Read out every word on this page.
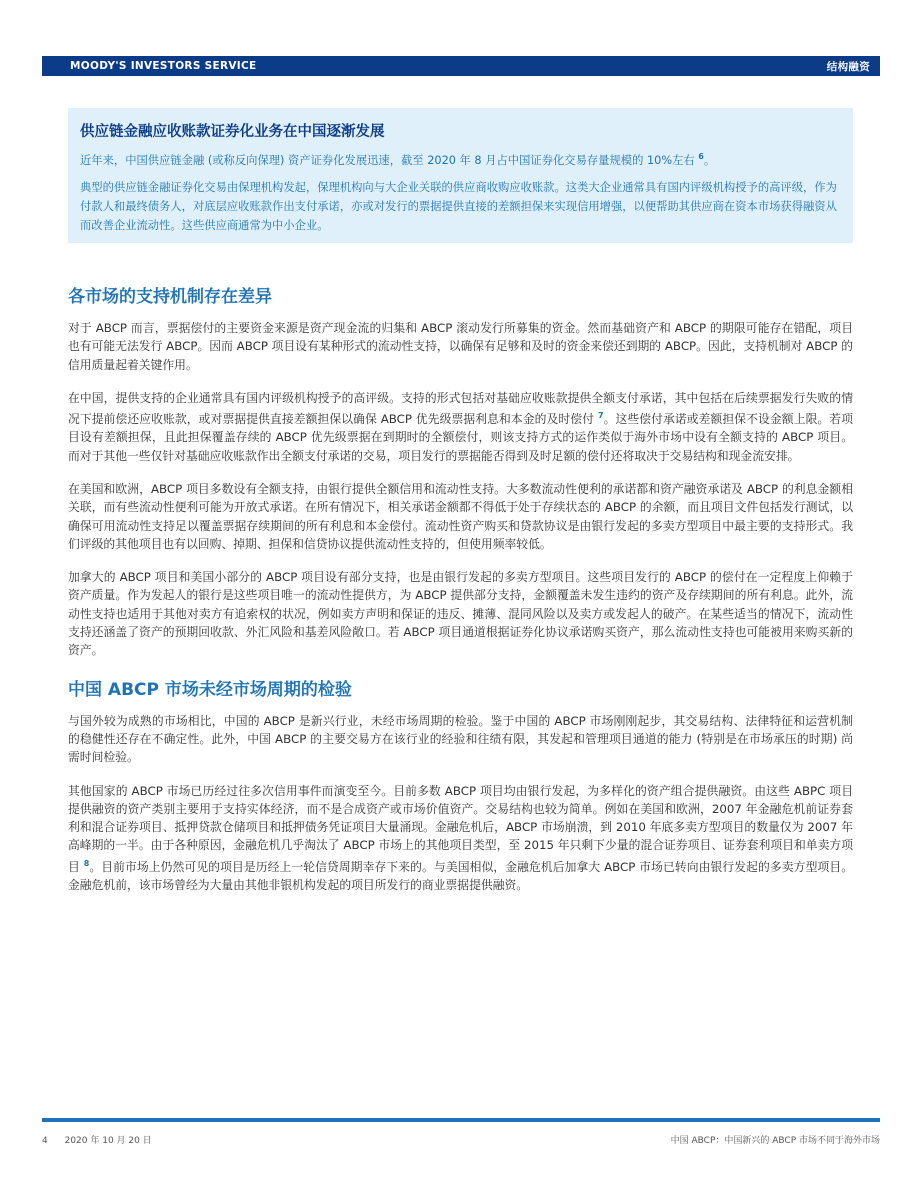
MOODY'S INVESTORS SERVICE	结构融资
供应链金融应收账款证券化业务在中国逐渐发展

近年来，中国供应链金融 (或称反向保理) 资产证券化发展迅速，截至 2020 年 8 月占中国证券化交易存量规模的 10%左右 $^6$。

典型的供应链金融证券化交易由保理机构发起，保理机构向与大企业关联的供应商收购应收账款。这类大企业通常具有国内评级机构授予的高评级，作为付款人和最终债务人，对底层应收账款作出支付承诺，亦或对发行的票据提供直接的差额担保来实现信用增强，以便帮助其供应商在资本市场获得融资从而改善企业流动性。这些供应商通常为中小企业。

各市场的支持机制存在差异

对于 ABCP 而言，票据偿付的主要资金来源是资产现金流的归集和 ABCP 滚动发行所募集的资金。然而基础资产和 ABCP 的期限可能存在错配，项目也有可能无法发行 ABCP。因而 ABCP 项目设有某种形式的流动性支持，以确保有足够和及时的资金来偿还到期的 ABCP。因此，支持机制对 ABCP 的信用质量起着关键作用。

在中国，提供支持的企业通常具有国内评级机构授予的高评级。支持的形式包括对基础应收账款提供全额支付承诺，其中包括在后续票据发行失败的情况下提前偿还应收账款，或对票据提供直接差额担保以确保 ABCP 优先级票据利息和本金的及时偿付 $^7$。这些偿付承诺或差额担保不设金额上限。若项目设有差额担保，且此担保覆盖存续的 ABCP 优先级票据在到期时的全额偿付，则该支持方式的运作类似于海外市场中设有全额支持的 ABCP 项目。而对于其他一些仅针对基础应收账款作出全额支付承诺的交易，项目发行的票据能否得到及时足额的偿付还将取决于交易结构和现金流安排。

在美国和欧洲，ABCP 项目多数设有全额支持，由银行提供全额信用和流动性支持。大多数流动性便利的承诺都和资产融资承诺及 ABCP 的利息金额相关联，而有些流动性便利可能为开放式承诺。在所有情况下，相关承诺金额都不得低于处于存续状态的 ABCP 的余额，而且项目文件包括发行测试，以确保可用流动性支持足以覆盖票据存续期间的所有利息和本金偿付。流动性资产购买和贷款协议是由银行发起的多卖方型项目中最主要的支持形式。我们评级的其他项目也有以回购、掉期、担保和信贷协议提供流动性支持的，但使用频率较低。

加拿大的 ABCP 项目和美国小部分的 ABCP 项目设有部分支持，也是由银行发起的多卖方型项目。这些项目发行的 ABCP 的偿付在一定程度上仰赖于资产质量。作为发起人的银行是这些项目唯一的流动性提供方，为 ABCP 提供部分支持，金额覆盖未发生违约的资产及存续期间的所有利息。此外，流动性支持也适用于其他对卖方有追索权的状况，例如卖方声明和保证的违反、摊薄、混同风险以及卖方或发起人的破产。在某些适当的情况下，流动性支持还涵盖了资产的预期回收款、外汇风险和基差风险敞口。若 ABCP 项目通道根据证券化协议承诺购买资产，那么流动性支持也可能被用来购买新的资产。

中国 ABCP 市场未经市场周期的检验

与国外较为成熟的市场相比，中国的 ABCP 是新兴行业，未经市场周期的检验。鉴于中国的 ABCP 市场刚刚起步，其交易结构、法律特征和运营机制的稳健性还存在不确定性。此外，中国 ABCP 的主要交易方在该行业的经验和往绩有限，其发起和管理项目通道的能力 (特别是在市场承压的时期) 尚需时间检验。

其他国家的 ABCP 市场已历经过往多次信用事件而演变至今。目前多数 ABCP 项目均由银行发起，为多样化的资产组合提供融资。由这些 ABPC 项目提供融资的资产类别主要用于支持实体经济，而不是合成资产或市场价值资产。交易结构也较为简单。例如在美国和欧洲，2007 年金融危机前证券套利和混合证券项目、抵押贷款仓储项目和抵押债务凭证项目大量涌现。金融危机后，ABCP 市场崩溃，到 2010 年底多卖方型项目的数量仅为 2007 年高峰期的一半。由于各种原因，金融危机几乎淘汰了 ABCP 市场上的其他项目类型，至 2015 年只剩下少量的混合证券项目、证券套利项目和单卖方项目 $^8$。目前市场上仍然可见的项目是历经上一轮信贷周期幸存下来的。与美国相似，金融危机后加拿大 ABCP 市场已转向由银行发起的多卖方型项目。金融危机前，该市场曾经为大量由其他非银机构发起的项目所发行的商业票据提供融资。

4 2020 年 10 月 20 日	中国 ABCP：中国新兴的 ABCP 市场不同于海外市场
